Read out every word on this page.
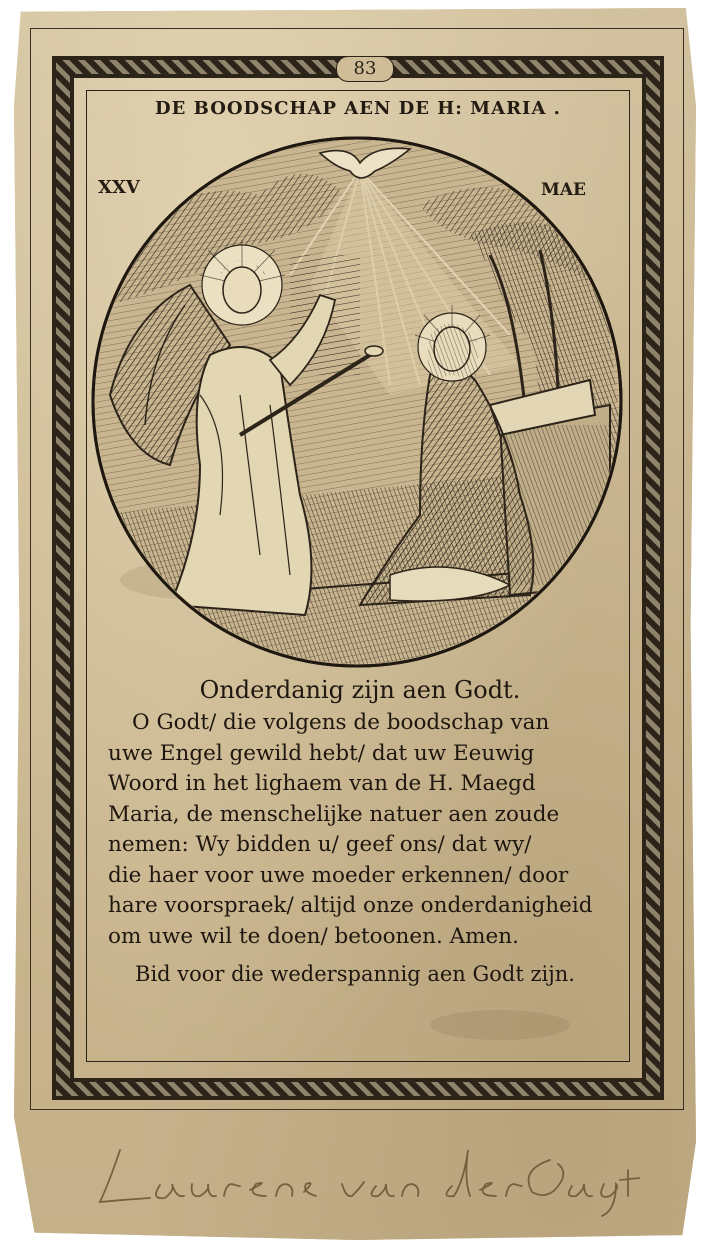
83
DE BOODSCHAP AEN DE H: MARIA .
XXV	MAE
Onderdanig zijn aen Godt.
O Godt/ die volgens de boodschap van
uwe Engel gewild hebt/ dat uw Eeuwig
Woord in het lighaem van de H. Maegd
Maria, de menschelijke natuer aen zoude
nemen: Wy bidden u/ geef ons/ dat wy/
die haer voor uwe moeder erkennen/ door
hare voorspraek/ altijd onze onderdanigheid
om uwe wil te doen/ betoonen. Amen.
Bid voor die wederspannig aen Godt zijn.
